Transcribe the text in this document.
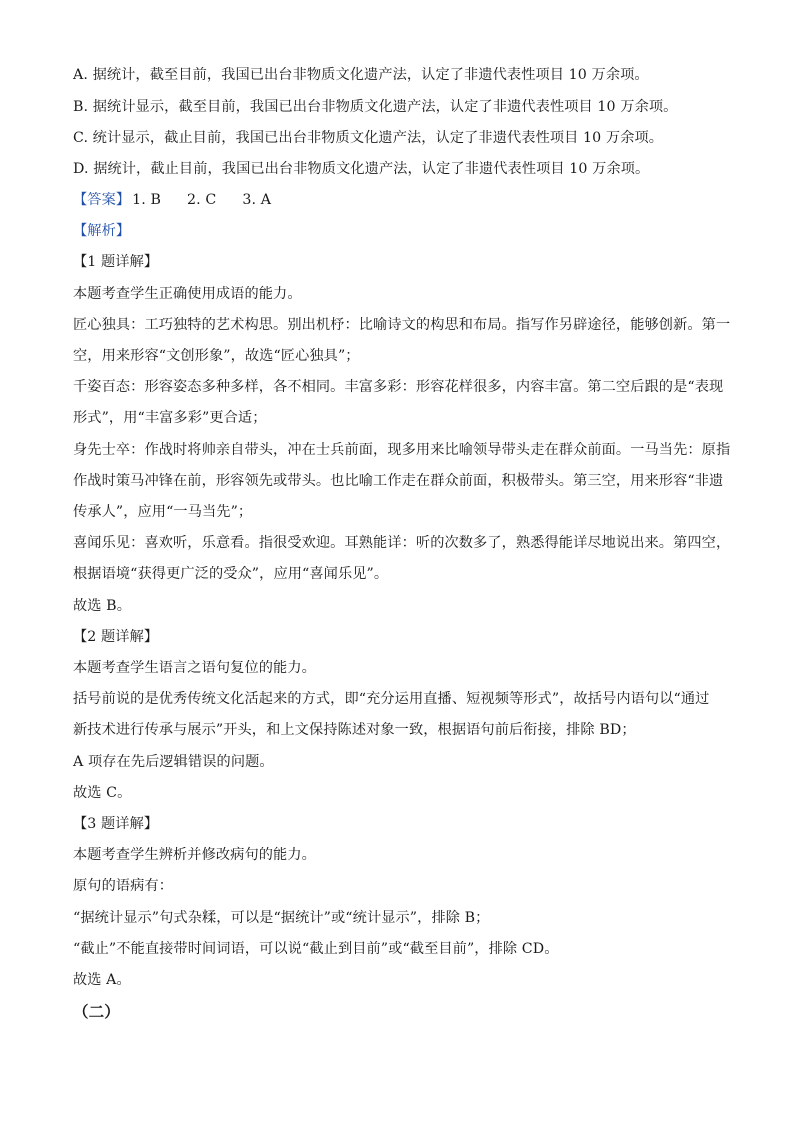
A. 据统计，截至目前，我国已出台非物质文化遗产法，认定了非遗代表性项目 10 万余项。
B. 据统计显示，截至目前，我国已出台非物质文化遗产法，认定了非遗代表性项目 10 万余项。
C. 统计显示，截止目前，我国已出台非物质文化遗产法，认定了非遗代表性项目 10 万余项。
D. 据统计，截止目前，我国已出台非物质文化遗产法，认定了非遗代表性项目 10 万余项。
【答案】 1. B 2. C 3. A
【解析】
【1 题详解】
本题考查学生正确使用成语的能力。
匠心独具：工巧独特的艺术构思。别出机杼：比喻诗文的构思和布局。指写作另辟途径，能够创新。第一
空，用来形容“文创形象”，故选“匠心独具”；
千姿百态：形容姿态多种多样，各不相同。丰富多彩：形容花样很多，内容丰富。第二空后跟的是“表现
形式”，用“丰富多彩”更合适；
身先士卒：作战时将帅亲自带头，冲在士兵前面，现多用来比喻领导带头走在群众前面。一马当先：原指
作战时策马冲锋在前，形容领先或带头。也比喻工作走在群众前面，积极带头。第三空，用来形容“非遗
传承人”，应用“一马当先”；
喜闻乐见：喜欢听，乐意看。指很受欢迎。耳熟能详：听的次数多了，熟悉得能详尽地说出来。第四空，
根据语境“获得更广泛的受众”，应用“喜闻乐见”。
故选 B。
【2 题详解】
本题考查学生语言之语句复位的能力。
括号前说的是优秀传统文化活起来的方式，即“充分运用直播、短视频等形式”，故括号内语句以“通过
新技术进行传承与展示”开头，和上文保持陈述对象一致，根据语句前后衔接，排除 BD；
A 项存在先后逻辑错误的问题。
故选 C。
【3 题详解】
本题考查学生辨析并修改病句的能力。
原句的语病有：
“据统计显示”句式杂糅，可以是“据统计”或“统计显示”，排除 B；
“截止”不能直接带时间词语，可以说“截止到目前”或“截至目前”，排除 CD。
故选 A。
（二）
